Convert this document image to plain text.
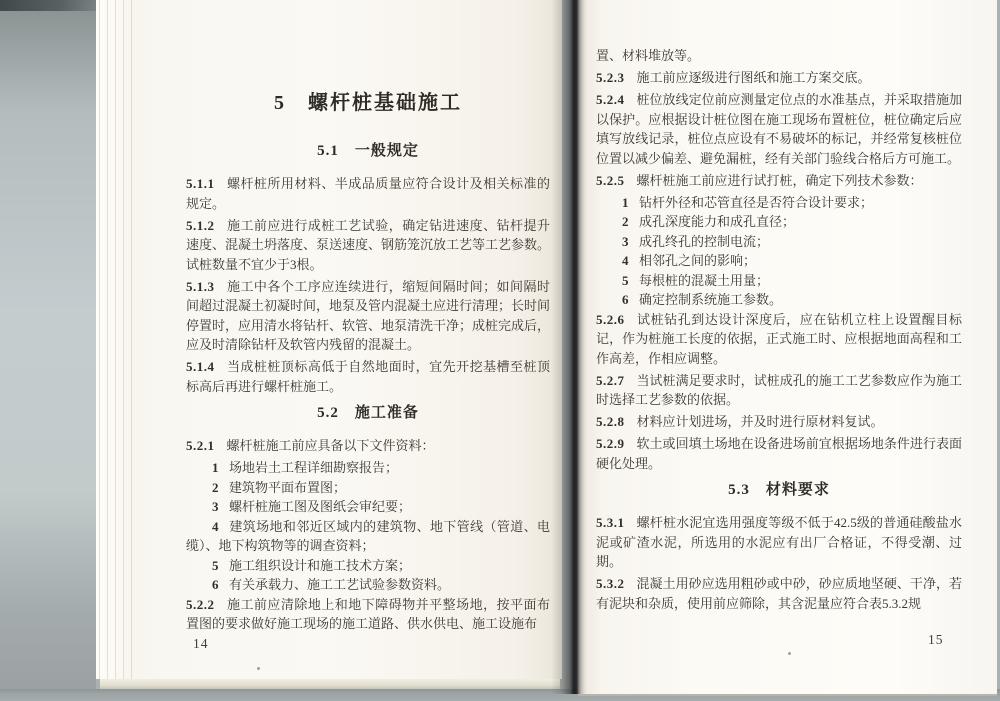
5　螺杆桩基础施工
5.1　一般规定
5.1.1 螺杆桩所用材料、半成品质量应符合设计及相关标准的规定。
5.1.2 施工前应进行成桩工艺试验，确定钻进速度、钻杆提升速度、混凝土坍落度、泵送速度、钢筋笼沉放工艺等工艺参数。试桩数量不宜少于3根。
5.1.3 施工中各个工序应连续进行，缩短间隔时间；如间隔时间超过混凝土初凝时间，地泵及管内混凝土应进行清理；长时间停置时，应用清水将钻杆、软管、地泵清洗干净；成桩完成后，应及时清除钻杆及软管内残留的混凝土。
5.1.4 当成桩桩顶标高低于自然地面时，宜先开挖基槽至桩顶标高后再进行螺杆桩施工。
5.2　施工准备
5.2.1 螺杆桩施工前应具备以下文件资料：
1 场地岩土工程详细勘察报告；
2 建筑物平面布置图；
3 螺杆桩施工图及图纸会审纪要；
4 建筑场地和邻近区域内的建筑物、地下管线（管道、电缆）、地下构筑物等的调查资料；
5 施工组织设计和施工技术方案；
6 有关承载力、施工工艺试验参数资料。
5.2.2 施工前应清除地上和地下障碍物并平整场地，按平面布置图的要求做好施工现场的施工道路、供水供电、施工设施布
14
置、材料堆放等。
5.2.3 施工前应逐级进行图纸和施工方案交底。
5.2.4 桩位放线定位前应测量定位点的水准基点，并采取措施加以保护。应根据设计桩位图在施工现场布置桩位，桩位确定后应填写放线记录，桩位点应设有不易破坏的标记，并经常复核桩位位置以减少偏差、避免漏桩，经有关部门验线合格后方可施工。
5.2.5 螺杆桩施工前应进行试打桩，确定下列技术参数：
1 钻杆外径和芯管直径是否符合设计要求；
2 成孔深度能力和成孔直径；
3 成孔终孔的控制电流；
4 相邻孔之间的影响；
5 每根桩的混凝土用量；
6 确定控制系统施工参数。
5.2.6 试桩钻孔到达设计深度后，应在钻机立柱上设置醒目标记，作为桩施工长度的依据，正式施工时、应根据地面高程和工作高差，作相应调整。
5.2.7 当试桩满足要求时，试桩成孔的施工工艺参数应作为施工时选择工艺参数的依据。
5.2.8 材料应计划进场，并及时进行原材料复试。
5.2.9 软土或回填土场地在设备进场前宜根据场地条件进行表面硬化处理。
5.3　材料要求
5.3.1 螺杆桩水泥宜选用强度等级不低于42.5级的普通硅酸盐水泥或矿渣水泥，所选用的水泥应有出厂合格证，不得受潮、过期。
5.3.2 混凝土用砂应选用粗砂或中砂，砂应质地坚硬、干净，若有泥块和杂质，使用前应筛除，其含泥量应符合表5.3.2规
15
